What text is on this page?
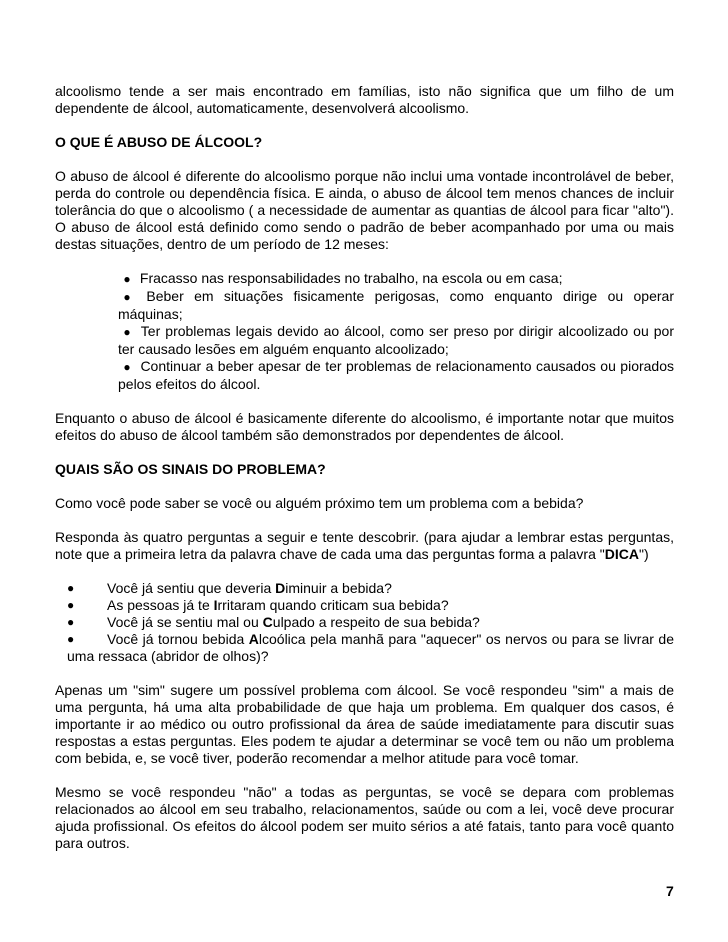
alcoolismo tende a ser mais encontrado em famílias, isto não significa que um filho de um dependente de álcool, automaticamente, desenvolverá alcoolismo.

O QUE É ABUSO DE ÁLCOOL?

O abuso de álcool é diferente do alcoolismo porque não inclui uma vontade incontrolável de beber, perda do controle ou dependência física. E ainda, o abuso de álcool tem menos chances de incluir tolerância do que o alcoolismo ( a necessidade de aumentar as quantias de álcool para ficar "alto"). O abuso de álcool está definido como sendo o padrão de beber acompanhado por uma ou mais destas situações, dentro de um período de 12 meses:

● Fracasso nas responsabilidades no trabalho, na escola ou em casa;
● Beber em situações fisicamente perigosas, como enquanto dirige ou operar máquinas;
● Ter problemas legais devido ao álcool, como ser preso por dirigir alcoolizado ou por ter causado lesões em alguém enquanto alcoolizado;
● Continuar a beber apesar de ter problemas de relacionamento causados ou piorados pelos efeitos do álcool.

Enquanto o abuso de álcool é basicamente diferente do alcoolismo, é importante notar que muitos efeitos do abuso de álcool também são demonstrados por dependentes de álcool.

QUAIS SÃO OS SINAIS DO PROBLEMA?

Como você pode saber se você ou alguém próximo tem um problema com a bebida?

Responda às quatro perguntas a seguir e tente descobrir. (para ajudar a lembrar estas perguntas, note que a primeira letra da palavra chave de cada uma das perguntas forma a palavra "DICA")

●	Você já sentiu que deveria Diminuir a bebida?
●	As pessoas já te Irritaram quando criticam sua bebida?
●	Você já se sentiu mal ou Culpado a respeito de sua bebida?
●	Você já tornou bebida Alcoólica pela manhã para "aquecer" os nervos ou para se livrar de uma ressaca (abridor de olhos)?

Apenas um "sim" sugere um possível problema com álcool. Se você respondeu "sim" a mais de uma pergunta, há uma alta probabilidade de que haja um problema. Em qualquer dos casos, é importante ir ao médico ou outro profissional da área de saúde imediatamente para discutir suas respostas a estas perguntas. Eles podem te ajudar a determinar se você tem ou não um problema com bebida, e, se você tiver, poderão recomendar a melhor atitude para você tomar.

Mesmo se você respondeu "não" a todas as perguntas, se você se depara com problemas relacionados ao álcool em seu trabalho, relacionamentos, saúde ou com a lei, você deve procurar ajuda profissional. Os efeitos do álcool podem ser muito sérios a até fatais, tanto para você quanto para outros.

7
